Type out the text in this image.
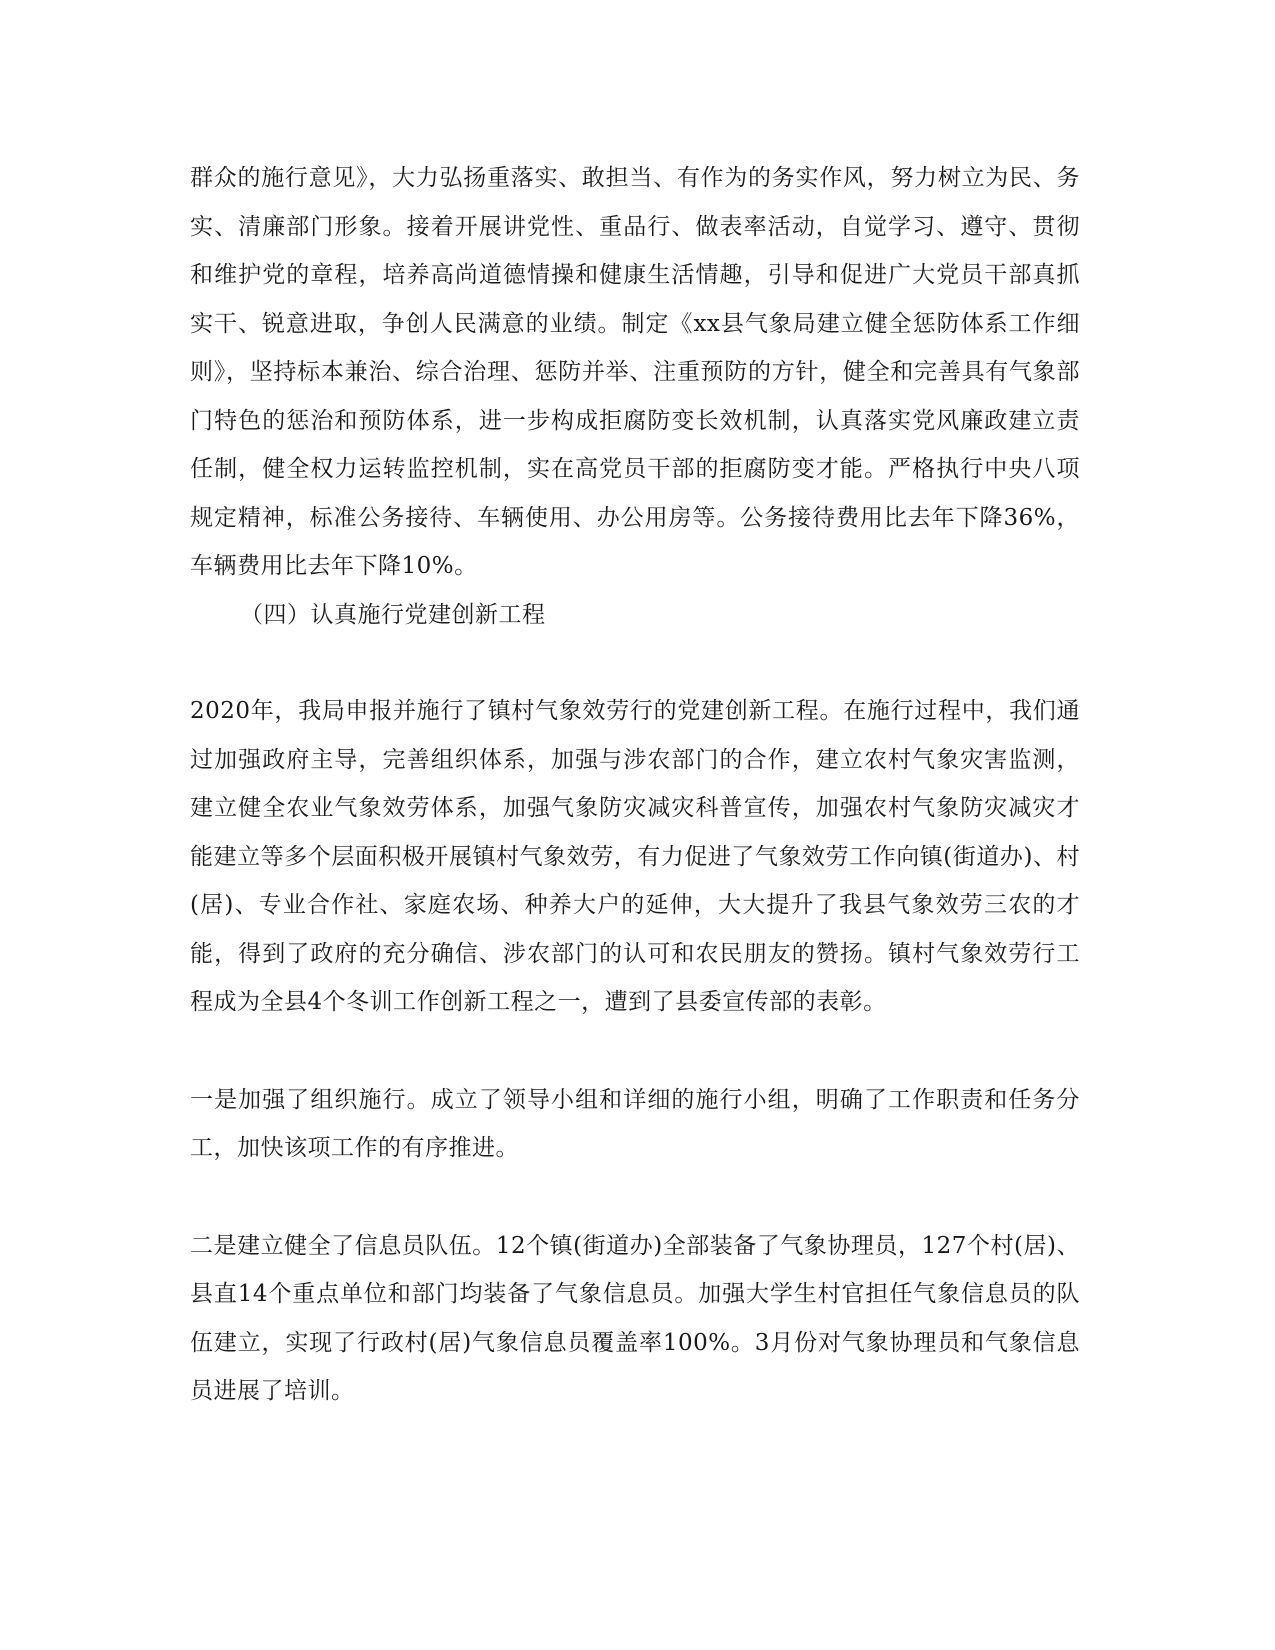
群众的施行意见》，大力弘扬重落实、敢担当、有作为的务实作风，努力树立为民、务实、清廉部门形象。接着开展讲党性、重品行、做表率活动，自觉学习、遵守、贯彻和维护党的章程，培养高尚道德情操和健康生活情趣，引导和促进广大党员干部真抓实干、锐意进取，争创人民满意的业绩。制定《xx县气象局建立健全惩防体系工作细则》，坚持标本兼治、综合治理、惩防并举、注重预防的方针，健全和完善具有气象部门特色的惩治和预防体系，进一步构成拒腐防变长效机制，认真落实党风廉政建立责任制，健全权力运转监控机制，实在高党员干部的拒腐防变才能。严格执行中央八项规定精神，标准公务接待、车辆使用、办公用房等。公务接待费用比去年下降36%，车辆费用比去年下降10%。

（四）认真施行党建创新工程

2020年，我局申报并施行了镇村气象效劳行的党建创新工程。在施行过程中，我们通过加强政府主导，完善组织体系，加强与涉农部门的合作，建立农村气象灾害监测，建立健全农业气象效劳体系，加强气象防灾减灾科普宣传，加强农村气象防灾减灾才能建立等多个层面积极开展镇村气象效劳，有力促进了气象效劳工作向镇(街道办)、村(居)、专业合作社、家庭农场、种养大户的延伸，大大提升了我县气象效劳三农的才能，得到了政府的充分确信、涉农部门的认可和农民朋友的赞扬。镇村气象效劳行工程成为全县4个冬训工作创新工程之一，遭到了县委宣传部的表彰。

一是加强了组织施行。成立了领导小组和详细的施行小组，明确了工作职责和任务分工，加快该项工作的有序推进。

二是建立健全了信息员队伍。12个镇(街道办)全部装备了气象协理员，127个村(居)、县直14个重点单位和部门均装备了气象信息员。加强大学生村官担任气象信息员的队伍建立，实现了行政村(居)气象信息员覆盖率100%。3月份对气象协理员和气象信息员进展了培训。
